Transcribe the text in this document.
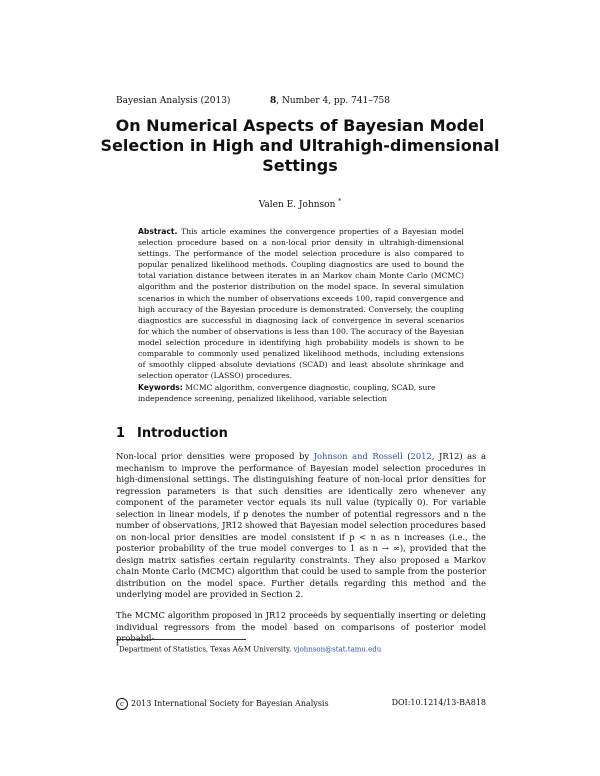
Bayesian Analysis (2013)	8, Number 4, pp. 741–758
On Numerical Aspects of Bayesian Model
Selection in High and Ultrahigh-dimensional
Settings
Valen E. Johnson *
Abstract. This article examines the convergence properties of a Bayesian model selection procedure based on a non-local prior density in ultrahigh-dimensional settings. The performance of the model selection procedure is also compared to popular penalized likelihood methods. Coupling diagnostics are used to bound the total variation distance between iterates in an Markov chain Monte Carlo (MCMC) algorithm and the posterior distribution on the model space. In several simulation scenarios in which the number of observations exceeds 100, rapid convergence and high accuracy of the Bayesian procedure is demonstrated. Conversely, the coupling diagnostics are successful in diagnosing lack of convergence in several scenarios for which the number of observations is less than 100. The accuracy of the Bayesian model selection procedure in identifying high probability models is shown to be comparable to commonly used penalized likelihood methods, including extensions of smoothly clipped absolute deviations (SCAD) and least absolute shrinkage and selection operator (LASSO) procedures.
Keywords: MCMC algorithm, convergence diagnostic, coupling, SCAD, sure independence screening, penalized likelihood, variable selection
1 Introduction
Non-local prior densities were proposed by Johnson and Rossell (2012, JR12) as a mechanism to improve the performance of Bayesian model selection procedures in high-dimensional settings. The distinguishing feature of non-local prior densities for regression parameters is that such densities are identically zero whenever any component of the parameter vector equals its null value (typically 0). For variable selection in linear models, if p denotes the number of potential regressors and n the number of observations, JR12 showed that Bayesian model selection procedures based on non-local prior densities are model consistent if p < n as n increases (i.e., the posterior probability of the true model converges to 1 as n → ∞), provided that the design matrix satisfies certain regularity constraints. They also proposed a Markov chain Monte Carlo (MCMC) algorithm that could be used to sample from the posterior distribution on the model space. Further details regarding this method and the underlying model are provided in Section 2.
The MCMC algorithm proposed in JR12 proceeds by sequentially inserting or deleting individual regressors from the model based on comparisons of posterior model probabil-
*Department of Statistics, Texas A&M University, vjohnson@stat.tamu.edu
c 2013 International Society for Bayesian Analysis	DOI:10.1214/13-BA818
